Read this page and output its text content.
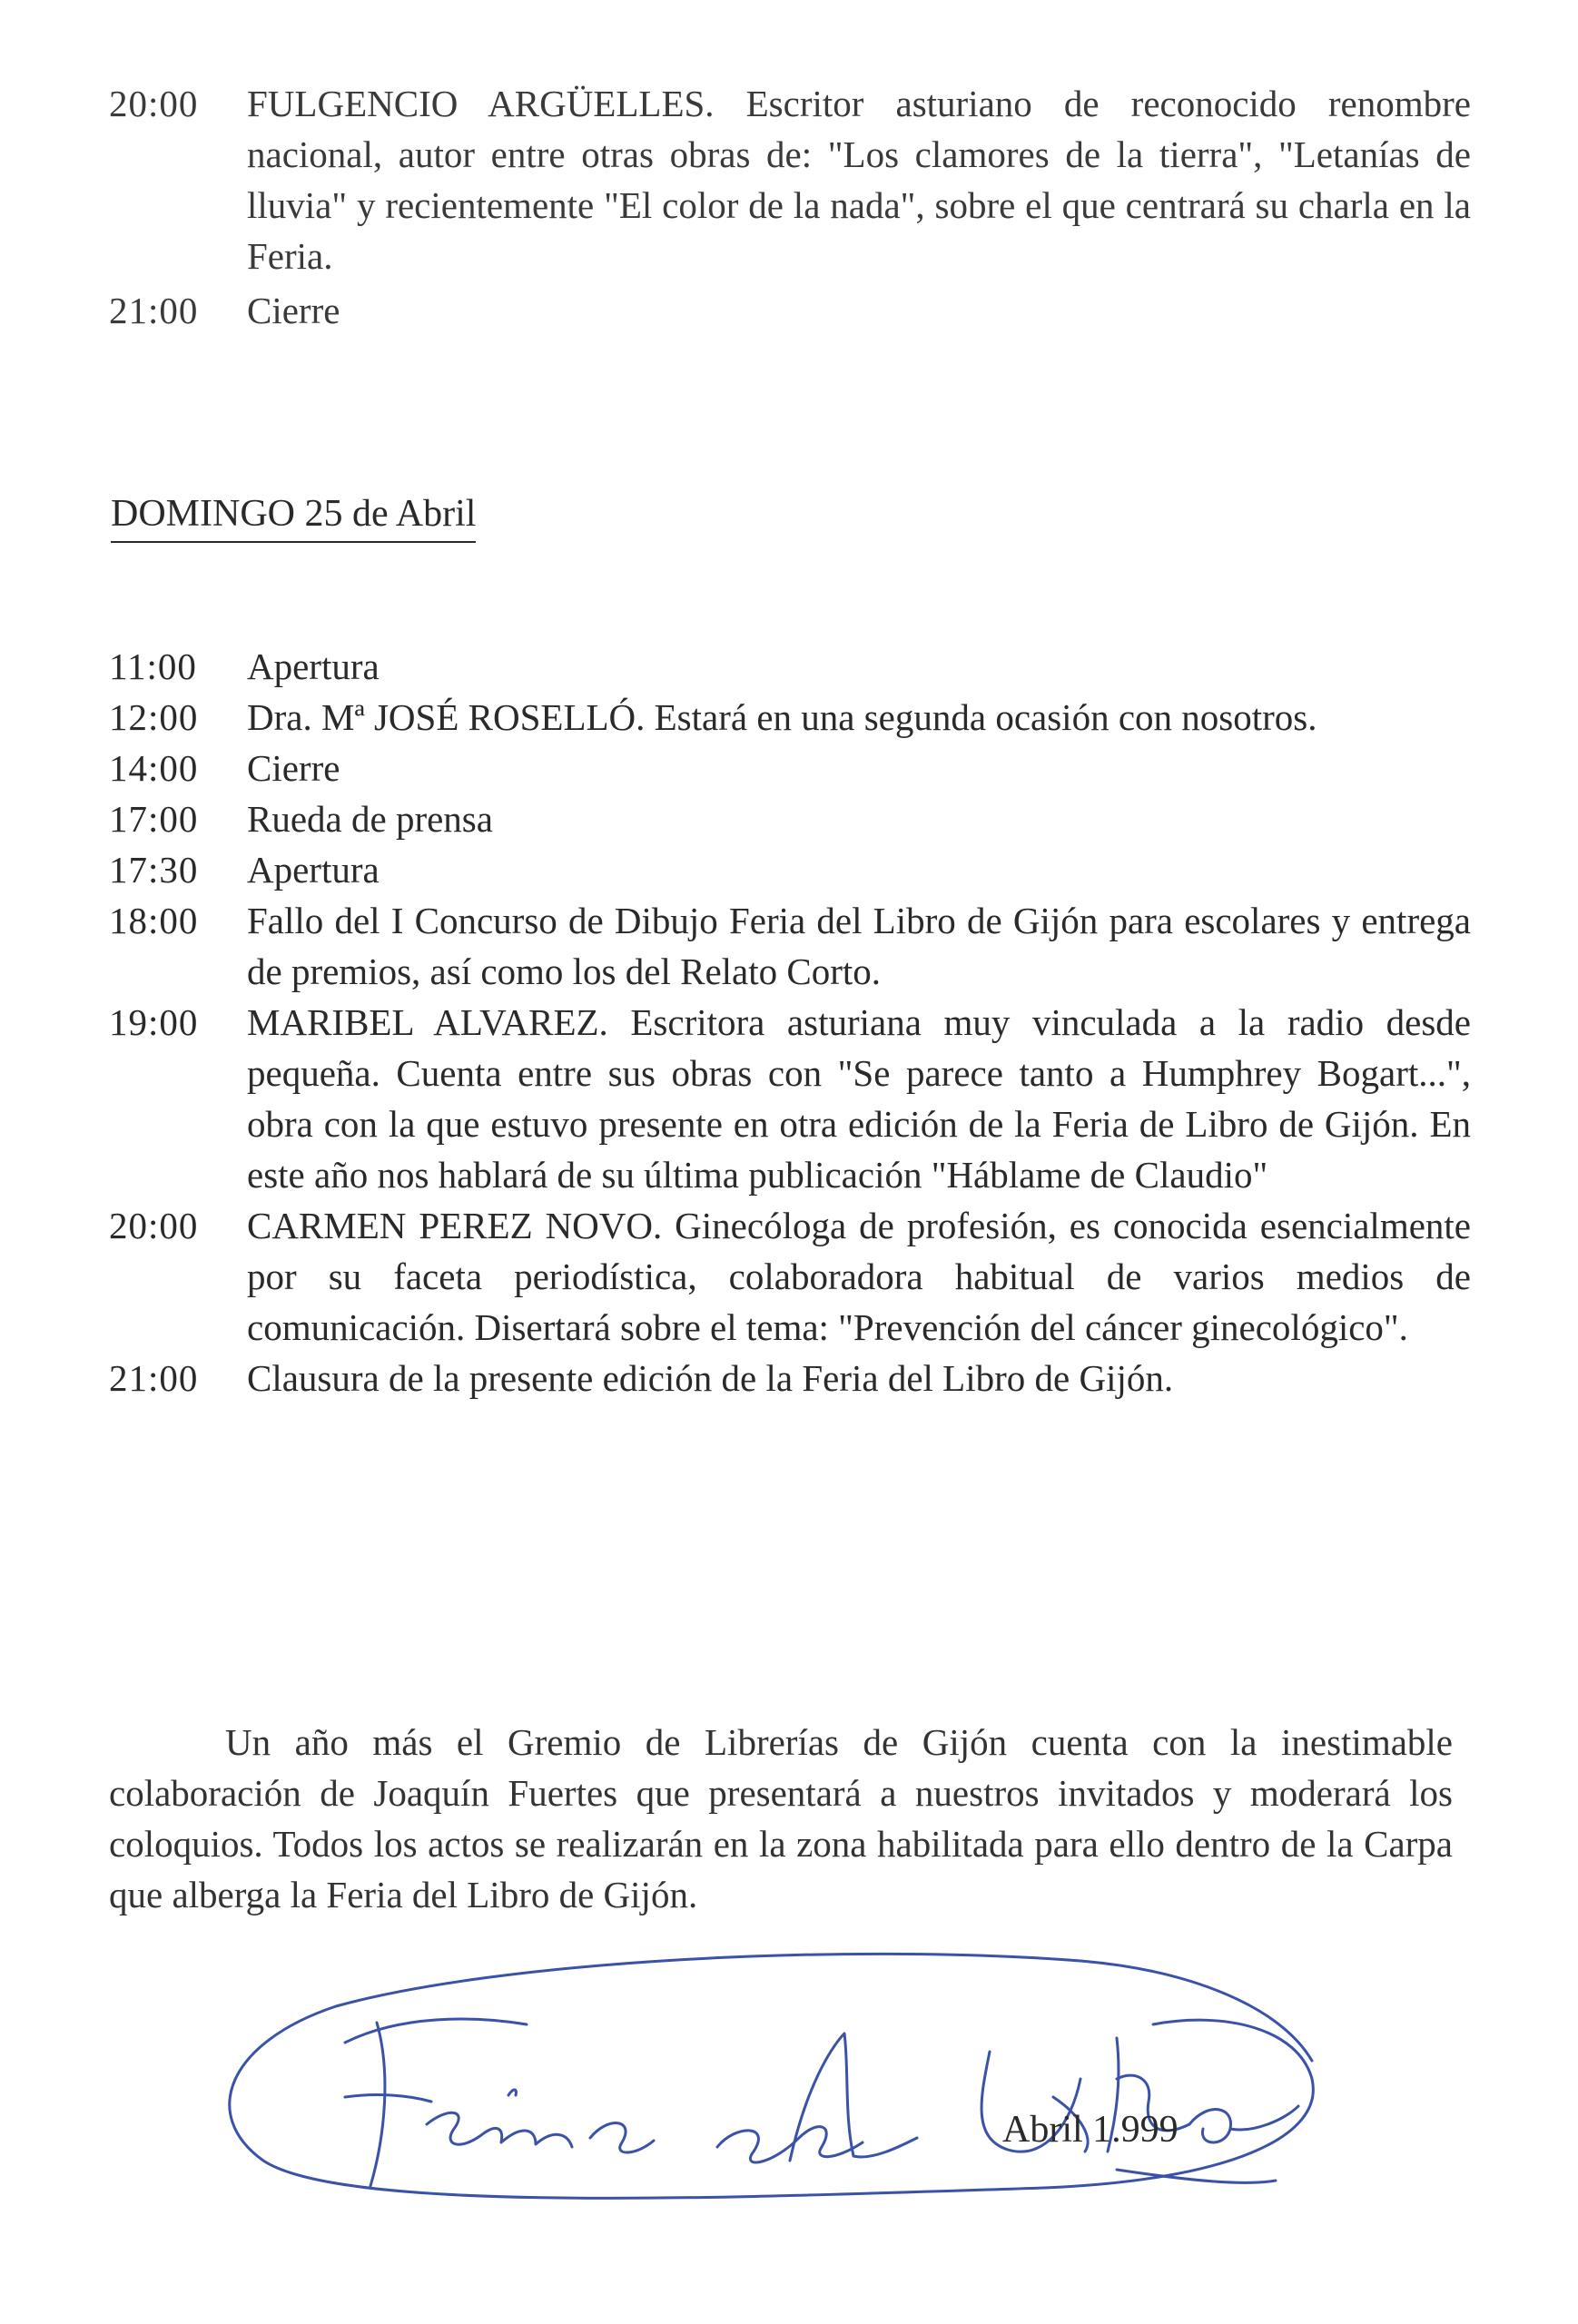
20:00	FULGENCIO ARGÜELLES. Escritor asturiano de reconocido renombre nacional, autor entre otras obras de: "Los clamores de la tierra", "Letanías de lluvia" y recientemente "El color de la nada", sobre el que centrará su charla en la Feria.
21:00	Cierre
DOMINGO 25 de Abril
11:00	Apertura
12:00	Dra. Mª JOSÉ ROSELLÓ. Estará en una segunda ocasión con nosotros.
14:00	Cierre
17:00	Rueda de prensa
17:30	Apertura
18:00	Fallo del I Concurso de Dibujo Feria del Libro de Gijón para escolares y entrega de premios, así como los del Relato Corto.
19:00	MARIBEL ALVAREZ. Escritora asturiana muy vinculada a la radio desde pequeña. Cuenta entre sus obras con "Se parece tanto a Humphrey Bogart...", obra con la que estuvo presente en otra edición de la Feria de Libro de Gijón. En este año nos hablará de su última publicación "Háblame de Claudio"
20:00	CARMEN PEREZ NOVO. Ginecóloga de profesión, es conocida esencialmente por su faceta periodística, colaboradora habitual de varios medios de comunicación. Disertará sobre el tema: "Prevención del cáncer ginecológico".
21:00	Clausura de la presente edición de la Feria del Libro de Gijón.

Un año más el Gremio de Librerías de Gijón cuenta con la inestimable colaboración de Joaquín Fuertes que presentará a nuestros invitados y moderará los coloquios. Todos los actos se realizarán en la zona habilitada para ello dentro de la Carpa que alberga la Feria del Libro de Gijón.

Abril 1.999
